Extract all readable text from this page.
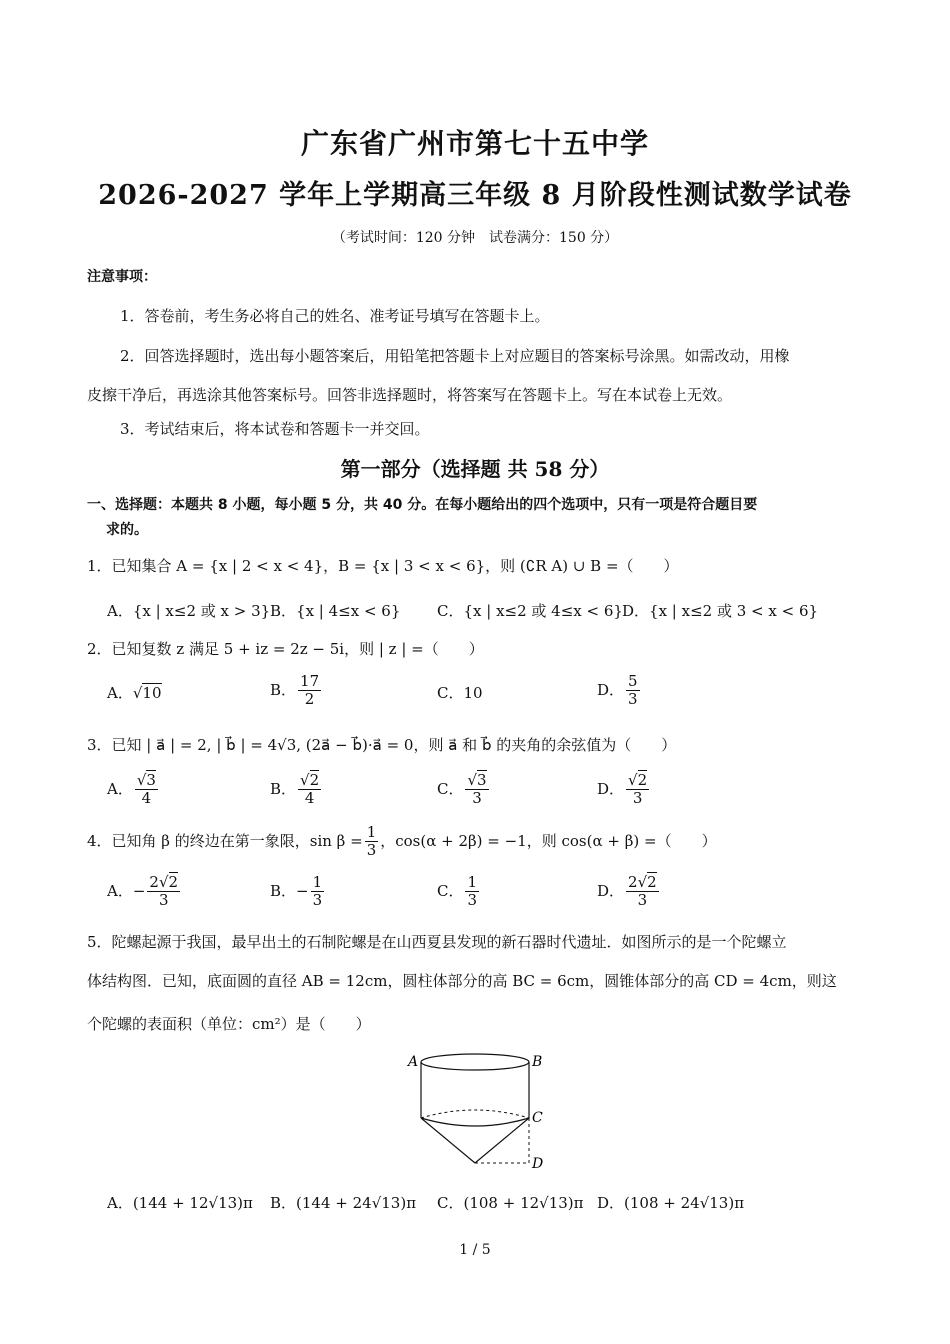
广东省广州市第七十五中学
2026-2027 学年上学期高三年级 8 月阶段性测试数学试卷
（考试时间：120 分钟　试卷满分：150 分）
注意事项：
1．答卷前，考生务必将自己的姓名、准考证号填写在答题卡上。
2．回答选择题时，选出每小题答案后，用铅笔把答题卡上对应题目的答案标号涂黑。如需改动，用橡
皮擦干净后，再选涂其他答案标号。回答非选择题时，将答案写在答题卡上。写在本试卷上无效。
3．考试结束后，将本试卷和答题卡一并交回。
第一部分（选择题 共 58 分）
一、选择题：本题共 8 小题，每小题 5 分，共 40 分。在每小题给出的四个选项中，只有一项是符合题目要
求的。
1．已知集合 A = {x | 2 < x < 4}，B = {x | 3 < x < 6}，则 (∁R A) ∪ B =（　　）
A．{x | x≤2 或 x > 3} B．{x | 4≤x < 6} C．{x | x≤2 或 4≤x < 6} D．{x | x≤2 或 3 < x < 6}
2．已知复数 z 满足 5 + iz = 2z − 5i，则 | z | =（　　）
A．√10	B． $\frac{17}{2}$	C．10	D． $\frac{5}{3}$
3．已知 | a⃗ | = 2, | b⃗ | = 4√3, (2a⃗ − b⃗)·a⃗ = 0，则 a⃗ 和 b⃗ 的夹角的余弦值为（　　）
A． $\frac{√3}{4}$	B． $\frac{√2}{4}$	C． $\frac{√3}{3}$	D． $\frac{√2}{3}$
4．已知角 β 的终边在第一象限，$\sin \beta = \frac{1}{3}$ ，cos(α + 2β) = −1，则 cos(α + β) =（　　）
A．− $\frac{2√2}{3}$	B．− $\frac{1}{3}$	C． $\frac{1}{3}$	D． $\frac{2√2}{3}$
5．陀螺起源于我国，最早出土的石制陀螺是在山西夏县发现的新石器时代遗址．如图所示的是一个陀螺立
体结构图．已知，底面圆的直径 AB = 12cm，圆柱体部分的高 BC = 6cm，圆锥体部分的高 CD = 4cm，则这
个陀螺的表面积（单位：cm²）是（　　）
A	B
C
D
A．(144 + 12√13)π B．(144 + 24√13)π C．(108 + 12√13)π D．(108 + 24√13)π
1 / 5
